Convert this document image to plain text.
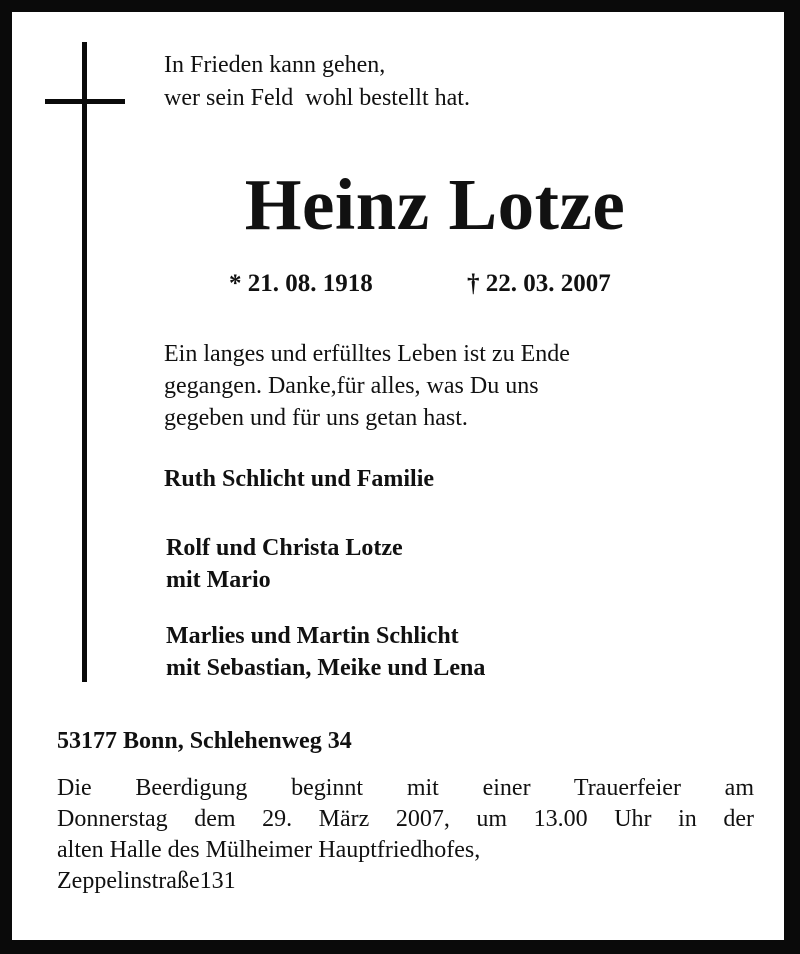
In Frieden kann gehen,
wer sein Feld  wohl bestellt hat.
Heinz Lotze
* 21. 08. 1918	† 22. 03. 2007
Ein langes und erfülltes Leben ist zu Ende
gegangen. Danke,für alles, was Du uns
gegeben und für uns getan hast.
Ruth Schlicht und Familie
Rolf und Christa Lotze
mit Mario
Marlies und Martin Schlicht
mit Sebastian, Meike und Lena
53177 Bonn, Schlehenweg 34
Die Beerdigung beginnt mit einer Trauerfeier am
Donnerstag dem 29. März 2007, um 13.00 Uhr in der
alten Halle des Mülheimer Hauptfriedhofes,
Zeppelinstraße131
